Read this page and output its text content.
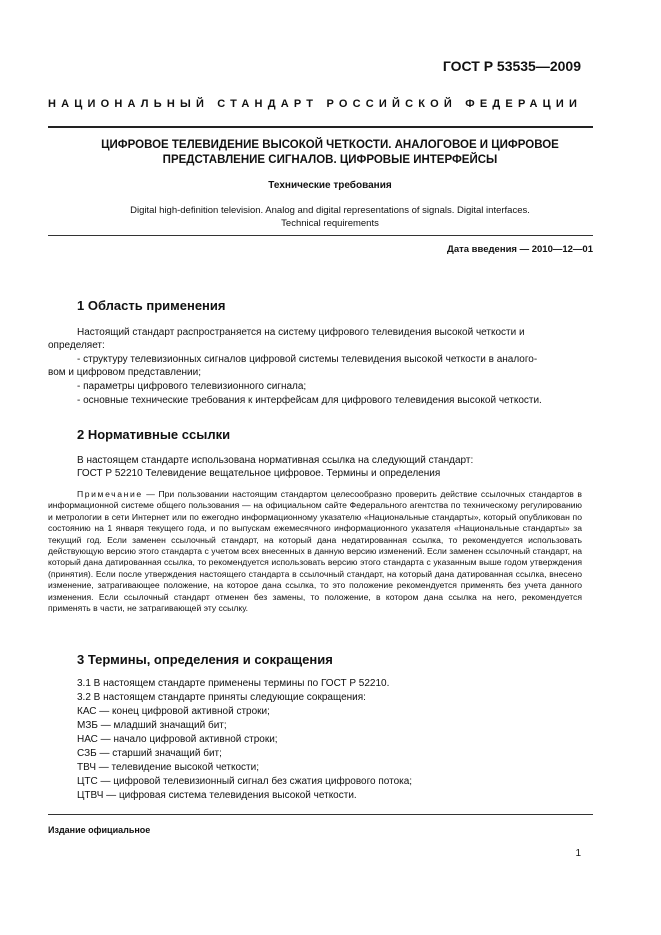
ГОСТ Р 53535—2009
НАЦИОНАЛЬНЫЙ СТАНДАРТ РОССИЙСКОЙ ФЕДЕРАЦИИ
ЦИФРОВОЕ ТЕЛЕВИДЕНИЕ ВЫСОКОЙ ЧЕТКОСТИ. АНАЛОГОВОЕ И ЦИФРОВОЕ
ПРЕДСТАВЛЕНИЕ СИГНАЛОВ. ЦИФРОВЫЕ ИНТЕРФЕЙСЫ
Технические требования
Digital high-definition television. Analog and digital representations of signals. Digital interfaces.
Technical requirements
Дата введения — 2010—12—01
1 Область применения
Настоящий стандарт распространяется на систему цифрового телевидения высокой четкости и
определяет:
- структуру телевизионных сигналов цифровой системы телевидения высокой четкости в аналого-
вом и цифровом представлении;
- параметры цифрового телевизионного сигнала;
- основные технические требования к интерфейсам для цифрового телевидения высокой четкости.
2 Нормативные ссылки
В настоящем стандарте использована нормативная ссылка на следующий стандарт:
ГОСТ Р 52210 Телевидение вещательное цифровое. Термины и определения
Примечание — При пользовании настоящим стандартом целесообразно проверить действие ссылочных стандартов в информационной системе общего пользования — на официальном сайте Федерального агентства по техническому регулированию и метрологии в сети Интернет или по ежегодно информационному указателю «Национальные стандарты», который опубликован по состоянию на 1 января текущего года, и по выпускам ежемесячного информационного указателя «Национальные стандарты» за текущий год. Если заменен ссылочный стандарт, на который дана недатированная ссылка, то рекомендуется использовать действующую версию этого стандарта с учетом всех внесенных в данную версию изменений. Если заменен ссылочный стандарт, на который дана датированная ссылка, то рекомендуется использовать версию этого стандарта с указанным выше годом утверждения (принятия). Если после утверждения настоящего стандарта в ссылочный стандарт, на который дана датированная ссылка, внесено изменение, затрагивающее положение, на которое дана ссылка, то это положение рекомендуется применять без учета данного изменения. Если ссылочный стандарт отменен без замены, то положение, в котором дана ссылка на него, рекомендуется применять в части, не затрагивающей эту ссылку.
3 Термины, определения и сокращения
3.1 В настоящем стандарте применены термины по ГОСТ Р 52210.
3.2 В настоящем стандарте приняты следующие сокращения:
КАС — конец цифровой активной строки;
МЗБ — младший значащий бит;
НАС — начало цифровой активной строки;
СЗБ — старший значащий бит;
ТВЧ — телевидение высокой четкости;
ЦТС — цифровой телевизионный сигнал без сжатия цифрового потока;
ЦТВЧ — цифровая система телевидения высокой четкости.
Издание официальное
1
